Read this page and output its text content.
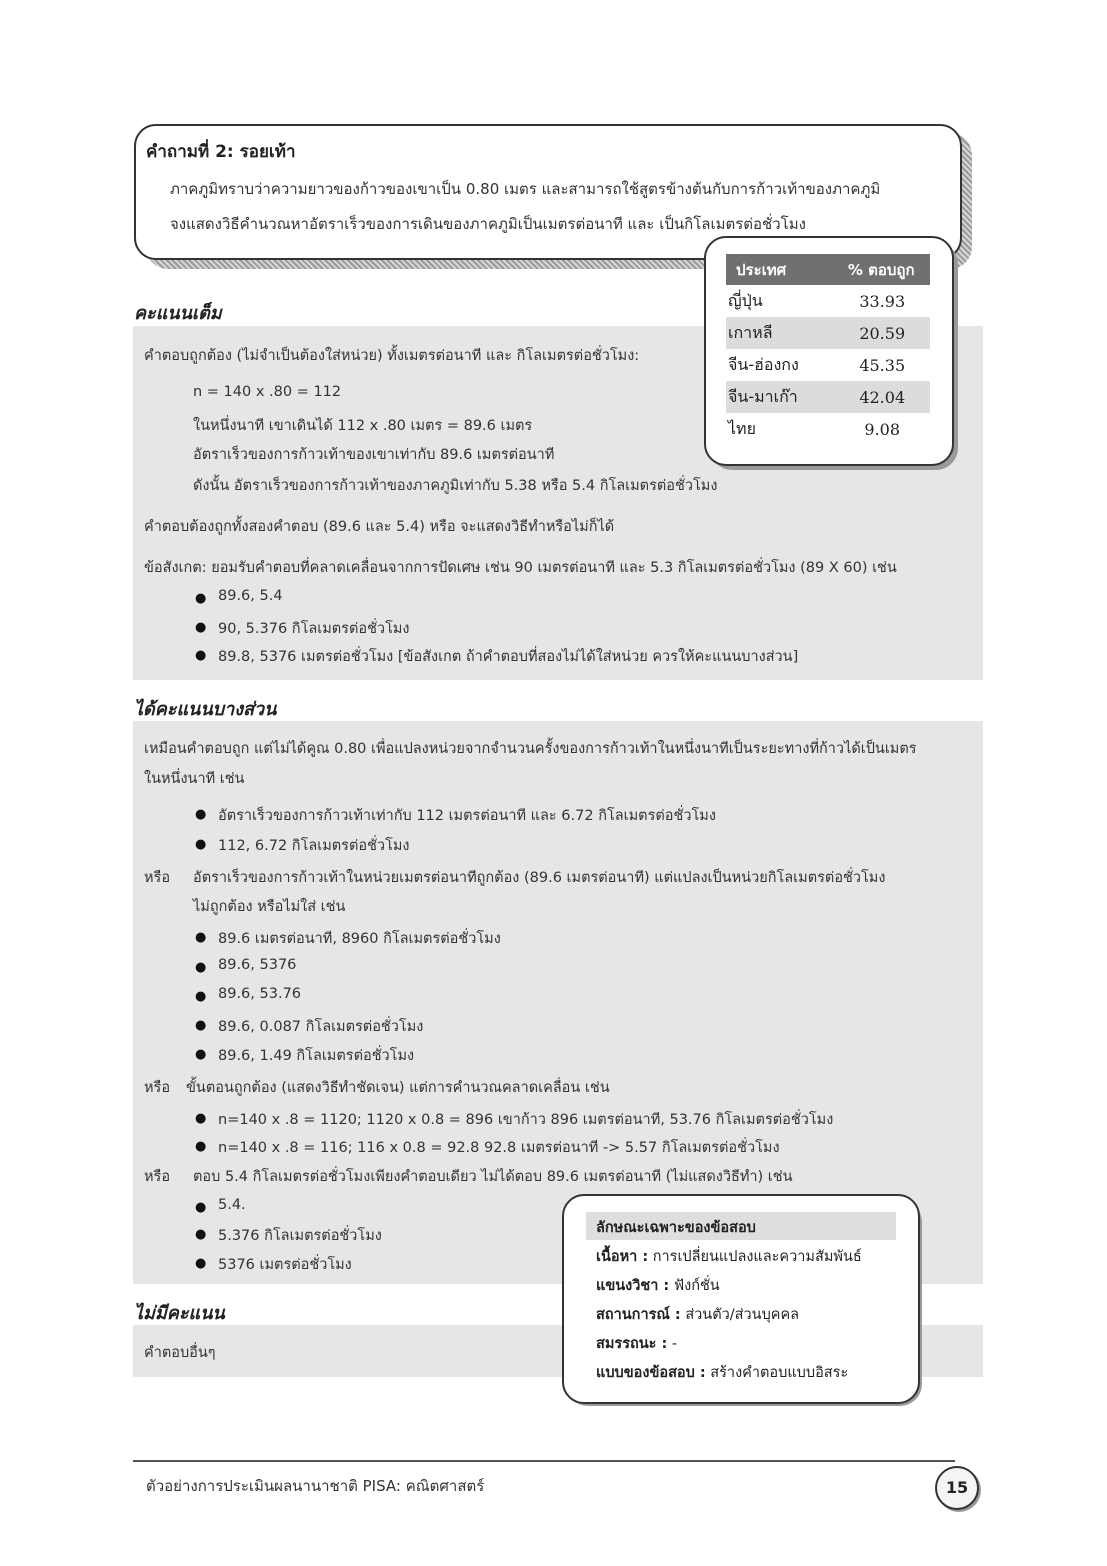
คำถามที่ 2: รอยเท้า
ภาคภูมิทราบว่าความยาวของก้าวของเขาเป็น 0.80 เมตร และสามารถใช้สูตรข้างต้นกับการก้าวเท้าของภาคภูมิ
จงแสดงวิธีคำนวณหาอัตราเร็วของการเดินของภาคภูมิเป็นเมตรต่อนาที และ เป็นกิโลเมตรต่อชั่วโมง
คะแนนเต็ม
คำตอบถูกต้อง (ไม่จำเป็นต้องใส่หน่วย) ทั้งเมตรต่อนาที และ กิโลเมตรต่อชั่วโมง:
n = 140 x .80 = 112
ในหนึ่งนาที เขาเดินได้ 112 x .80 เมตร = 89.6 เมตร
อัตราเร็วของการก้าวเท้าของเขาเท่ากับ 89.6 เมตรต่อนาที
ดังนั้น อัตราเร็วของการก้าวเท้าของภาคภูมิเท่ากับ 5.38 หรือ 5.4 กิโลเมตรต่อชั่วโมง
คำตอบต้องถูกทั้งสองคำตอบ (89.6 และ 5.4) หรือ จะแสดงวิธีทำหรือไม่ก็ได้
ข้อสังเกต: ยอมรับคำตอบที่คลาดเคลื่อนจากการปัดเศษ เช่น 90 เมตรต่อนาที และ 5.3 กิโลเมตรต่อชั่วโมง (89 X 60) เช่น
● 89.6, 5.4
● 90, 5.376 กิโลเมตรต่อชั่วโมง
● 89.8, 5376 เมตรต่อชั่วโมง [ข้อสังเกต ถ้าคำตอบที่สองไม่ได้ใส่หน่วย ควรให้คะแนนบางส่วน]
ประเทศ	% ตอบถูก
ญี่ปุ่น	33.93
เกาหลี	20.59
จีน-ฮ่องกง	45.35
จีน-มาเก๊า	42.04
ไทย	9.08
ได้คะแนนบางส่วน
เหมือนคำตอบถูก แต่ไม่ได้คูณ 0.80 เพื่อแปลงหน่วยจากจำนวนครั้งของการก้าวเท้าในหนึ่งนาทีเป็นระยะทางที่ก้าวได้เป็นเมตร
ในหนึ่งนาที เช่น
● อัตราเร็วของการก้าวเท้าเท่ากับ 112 เมตรต่อนาที และ 6.72 กิโลเมตรต่อชั่วโมง
● 112, 6.72 กิโลเมตรต่อชั่วโมง
หรือ อัตราเร็วของการก้าวเท้าในหน่วยเมตรต่อนาทีถูกต้อง (89.6 เมตรต่อนาที) แต่แปลงเป็นหน่วยกิโลเมตรต่อชั่วโมง
ไม่ถูกต้อง หรือไม่ใส่ เช่น
● 89.6 เมตรต่อนาที, 8960 กิโลเมตรต่อชั่วโมง
● 89.6, 5376
● 89.6, 53.76
● 89.6, 0.087 กิโลเมตรต่อชั่วโมง
● 89.6, 1.49 กิโลเมตรต่อชั่วโมง
หรือ ขั้นตอนถูกต้อง (แสดงวิธีทำชัดเจน) แต่การคำนวณคลาดเคลื่อน เช่น
● n=140 x .8 = 1120; 1120 x 0.8 = 896 เขาก้าว 896 เมตรต่อนาที, 53.76 กิโลเมตรต่อชั่วโมง
● n=140 x .8 = 116; 116 x 0.8 = 92.8 92.8 เมตรต่อนาที -> 5.57 กิโลเมตรต่อชั่วโมง
หรือ ตอบ 5.4 กิโลเมตรต่อชั่วโมงเพียงคำตอบเดียว ไม่ได้ตอบ 89.6 เมตรต่อนาที (ไม่แสดงวิธีทำ) เช่น
● 5.4.
● 5.376 กิโลเมตรต่อชั่วโมง
● 5376 เมตรต่อชั่วโมง
ไม่มีคะแนน
คำตอบอื่นๆ
ลักษณะเฉพาะของข้อสอบ
เนื้อหา : การเปลี่ยนแปลงและความสัมพันธ์
แขนงวิชา : ฟังก์ชั่น
สถานการณ์ : ส่วนตัว/ส่วนบุคคล
สมรรถนะ : -
แบบของข้อสอบ : สร้างคำตอบแบบอิสระ
ตัวอย่างการประเมินผลนานาชาติ PISA: คณิตศาสตร์	15
